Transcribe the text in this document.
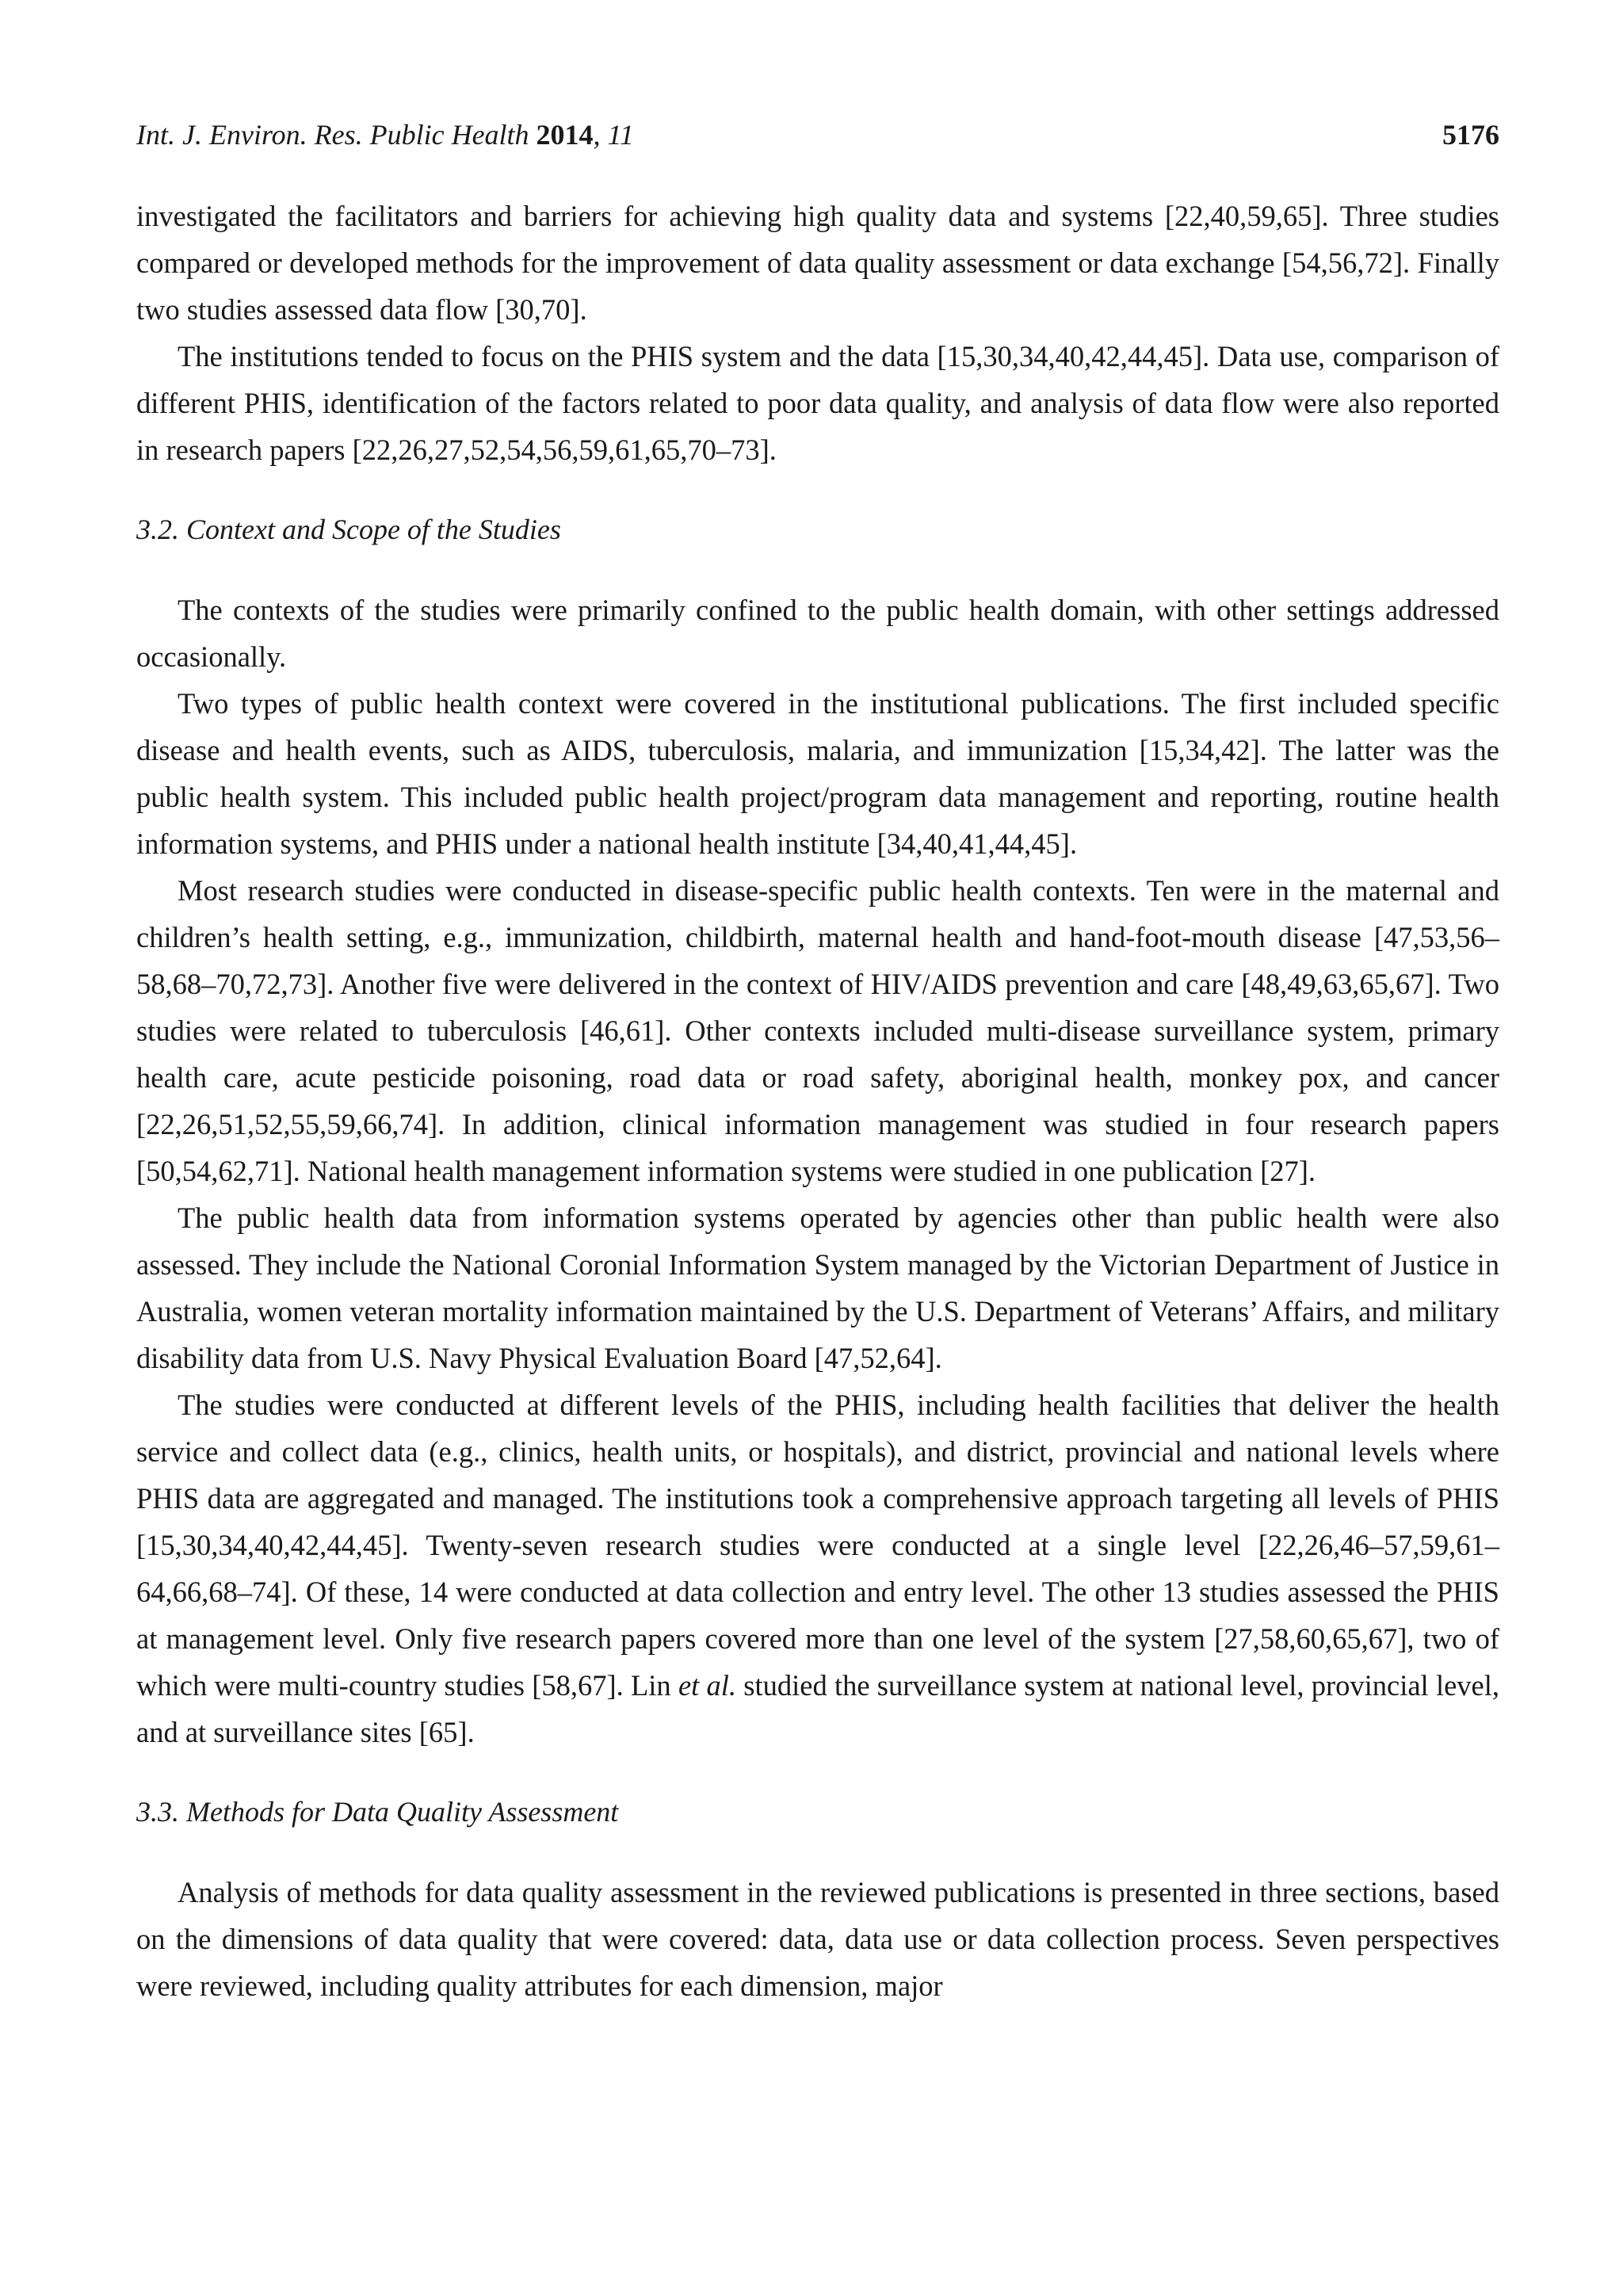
Int. J. Environ. Res. Public Health 2014, 11	5176

investigated the facilitators and barriers for achieving high quality data and systems [22,40,59,65]. Three studies compared or developed methods for the improvement of data quality assessment or data exchange [54,56,72]. Finally two studies assessed data flow [30,70].

The institutions tended to focus on the PHIS system and the data [15,30,34,40,42,44,45]. Data use, comparison of different PHIS, identification of the factors related to poor data quality, and analysis of data flow were also reported in research papers [22,26,27,52,54,56,59,61,65,70–73].

3.2. Context and Scope of the Studies

The contexts of the studies were primarily confined to the public health domain, with other settings addressed occasionally.

Two types of public health context were covered in the institutional publications. The first included specific disease and health events, such as AIDS, tuberculosis, malaria, and immunization [15,34,42]. The latter was the public health system. This included public health project/program data management and reporting, routine health information systems, and PHIS under a national health institute [34,40,41,44,45].

Most research studies were conducted in disease-specific public health contexts. Ten were in the maternal and children’s health setting, e.g., immunization, childbirth, maternal health and hand-foot-mouth disease [47,53,56–58,68–70,72,73]. Another five were delivered in the context of HIV/AIDS prevention and care [48,49,63,65,67]. Two studies were related to tuberculosis [46,61]. Other contexts included multi-disease surveillance system, primary health care, acute pesticide poisoning, road data or road safety, aboriginal health, monkey pox, and cancer [22,26,51,52,55,59,66,74]. In addition, clinical information management was studied in four research papers [50,54,62,71]. National health management information systems were studied in one publication [27].

The public health data from information systems operated by agencies other than public health were also assessed. They include the National Coronial Information System managed by the Victorian Department of Justice in Australia, women veteran mortality information maintained by the U.S. Department of Veterans’ Affairs, and military disability data from U.S. Navy Physical Evaluation Board [47,52,64].

The studies were conducted at different levels of the PHIS, including health facilities that deliver the health service and collect data (e.g., clinics, health units, or hospitals), and district, provincial and national levels where PHIS data are aggregated and managed. The institutions took a comprehensive approach targeting all levels of PHIS [15,30,34,40,42,44,45]. Twenty-seven research studies were conducted at a single level [22,26,46–57,59,61–64,66,68–74]. Of these, 14 were conducted at data collection and entry level. The other 13 studies assessed the PHIS at management level. Only five research papers covered more than one level of the system [27,58,60,65,67], two of which were multi-country studies [58,67]. Lin et al. studied the surveillance system at national level, provincial level, and at surveillance sites [65].

3.3. Methods for Data Quality Assessment

Analysis of methods for data quality assessment in the reviewed publications is presented in three sections, based on the dimensions of data quality that were covered: data, data use or data collection process. Seven perspectives were reviewed, including quality attributes for each dimension, major
